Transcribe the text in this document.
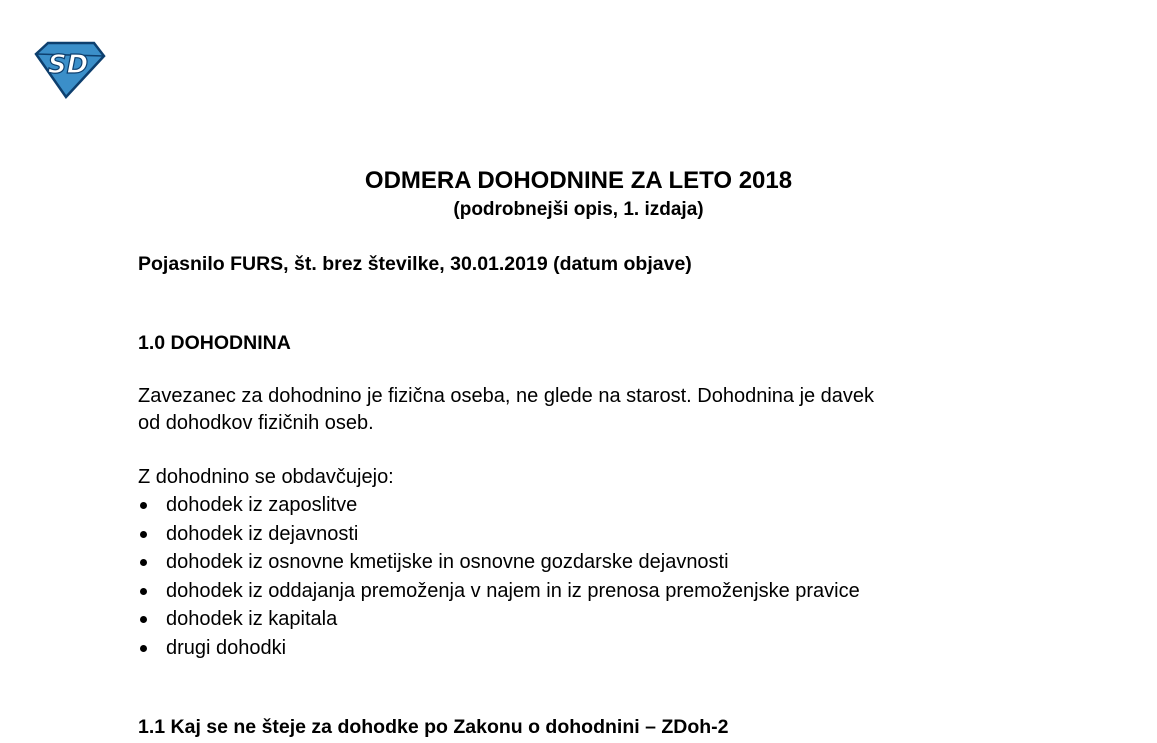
SD
ODMERA DOHODNINE ZA LETO 2018
(podrobnejši opis, 1. izdaja)
Pojasnilo FURS, št. brez številke, 30.01.2019 (datum objave)
1.0 DOHODNINA
Zavezanec za dohodnino je fizična oseba, ne glede na starost. Dohodnina je davek
od dohodkov fizičnih oseb.
Z dohodnino se obdavčujejo:
dohodek iz zaposlitve
dohodek iz dejavnosti
dohodek iz osnovne kmetijske in osnovne gozdarske dejavnosti
dohodek iz oddajanja premoženja v najem in iz prenosa premoženjske pravice
dohodek iz kapitala
drugi dohodki
1.1 Kaj se ne šteje za dohodke po Zakonu o dohodnini – ZDoh-2
